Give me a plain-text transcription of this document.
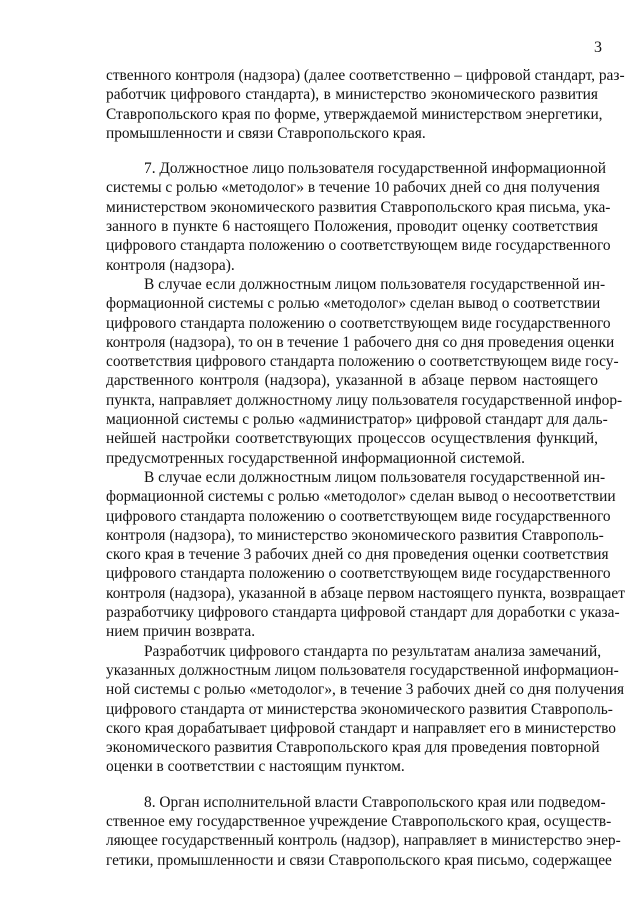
3

ственного контроля (надзора) (далее соответственно – цифровой стандарт, раз-
работчик цифрового стандарта), в министерство экономического развития
Ставропольского края по форме, утверждаемой министерством энергетики,
промышленности и связи Ставропольского края.

7. Должностное лицо пользователя государственной информационной
системы с ролью «методолог» в течение 10 рабочих дней со дня получения
министерством экономического развития Ставропольского края письма, ука-
занного в пункте 6 настоящего Положения, проводит оценку соответствия
цифрового стандарта положению о соответствующем виде государственного
контроля (надзора).

В случае если должностным лицом пользователя государственной ин-
формационной системы с ролью «методолог» сделан вывод о соответствии
цифрового стандарта положению о соответствующем виде государственного
контроля (надзора), то он в течение 1 рабочего дня со дня проведения оценки
соответствия цифрового стандарта положению о соответствующем виде госу-
дарственного контроля (надзора), указанной в абзаце первом настоящего
пункта, направляет должностному лицу пользователя государственной инфор-
мационной системы с ролью «администратор» цифровой стандарт для даль-
нейшей настройки соответствующих процессов осуществления функций,
предусмотренных государственной информационной системой.

В случае если должностным лицом пользователя государственной ин-
формационной системы с ролью «методолог» сделан вывод о несоответствии
цифрового стандарта положению о соответствующем виде государственного
контроля (надзора), то министерство экономического развития Ставрополь-
ского края в течение 3 рабочих дней со дня проведения оценки соответствия
цифрового стандарта положению о соответствующем виде государственного
контроля (надзора), указанной в абзаце первом настоящего пункта, возвращает
разработчику цифрового стандарта цифровой стандарт для доработки с указа-
нием причин возврата.

Разработчик цифрового стандарта по результатам анализа замечаний,
указанных должностным лицом пользователя государственной информацион-
ной системы с ролью «методолог», в течение 3 рабочих дней со дня получения
цифрового стандарта от министерства экономического развития Ставрополь-
ского края дорабатывает цифровой стандарт и направляет его в министерство
экономического развития Ставропольского края для проведения повторной
оценки в соответствии с настоящим пунктом.

8. Орган исполнительной власти Ставропольского края или подведом-
ственное ему государственное учреждение Ставропольского края, осуществ-
ляющее государственный контроль (надзор), направляет в министерство энер-
гетики, промышленности и связи Ставропольского края письмо, содержащее
